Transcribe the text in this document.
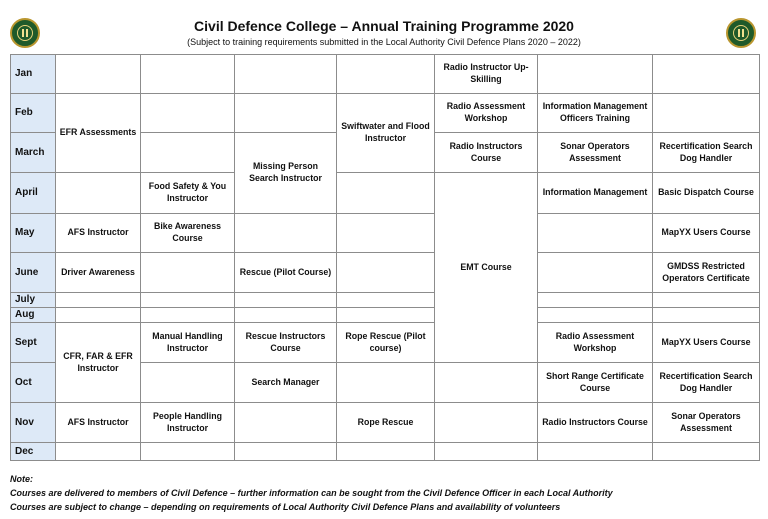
Civil Defence College – Annual Training Programme 2020
(Subject to training requirements submitted in the Local Authority Civil Defence Plans 2020 – 2022)
Jan
Feb
March
April
May
June
July
Aug
Sept
Oct
Nov
Dec
EFR Assessments
AFS Instructor
Driver Awareness
CFR, FAR & EFR Instructor
AFS Instructor
Food Safety & You Instructor
Bike Awareness Course
Manual Handling Instructor
People Handling Instructor
Missing Person Search Instructor
Rescue (Pilot Course)
Rescue Instructors Course
Search Manager
Swiftwater and Flood Instructor
Rope Rescue (Pilot course)
Rope Rescue
Radio Instructor Up-Skilling
Radio Assessment Workshop
Radio Instructors Course
EMT Course
Information Management Officers Training
Sonar Operators Assessment
Information Management
Radio Assessment Workshop
Short Range Certificate Course
Radio Instructors Course
Recertification Search Dog Handler
Basic Dispatch Course
MapYX Users Course
GMDSS Restricted Operators Certificate
MapYX Users Course
Recertification Search Dog Handler
Sonar Operators Assessment
Note:
Courses are delivered to members of Civil Defence – further information can be sought from the Civil Defence Officer in each Local Authority
Courses are subject to change – depending on requirements of Local Authority Civil Defence Plans and availability of volunteers
